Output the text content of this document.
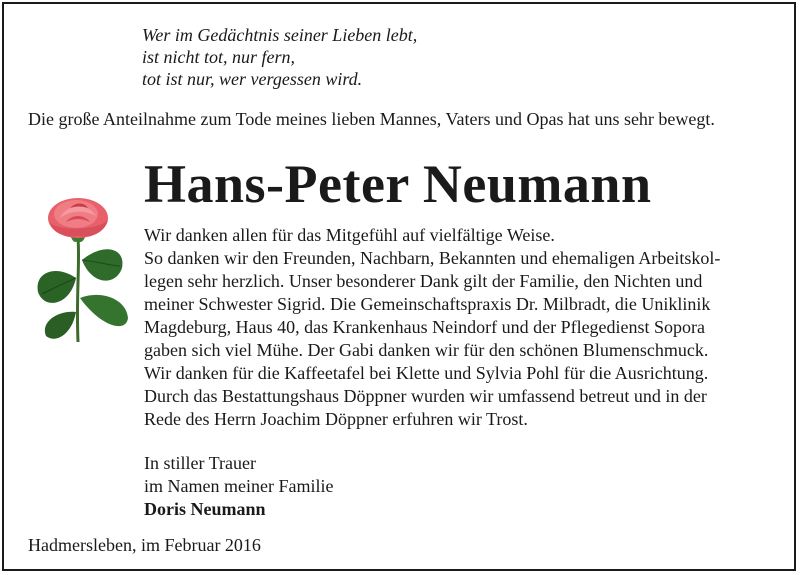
Wer im Gedächtnis seiner Lieben lebt,
ist nicht tot, nur fern,
tot ist nur, wer vergessen wird.
Die große Anteilnahme zum Tode meines lieben Mannes, Vaters und Opas hat uns sehr bewegt.
Hans-Peter Neumann
Wir danken allen für das Mitgefühl auf vielfältige Weise.
So danken wir den Freunden, Nachbarn, Bekannten und ehemaligen Arbeitskol-
legen sehr herzlich. Unser besonderer Dank gilt der Familie, den Nichten und
meiner Schwester Sigrid. Die Gemeinschaftspraxis Dr. Milbradt, die Uniklinik
Magdeburg, Haus 40, das Krankenhaus Neindorf und der Pflegedienst Sopora
gaben sich viel Mühe. Der Gabi danken wir für den schönen Blumenschmuck.
Wir danken für die Kaffeetafel bei Klette und Sylvia Pohl für die Ausrichtung.
Durch das Bestattungshaus Döppner wurden wir umfassend betreut und in der
Rede des Herrn Joachim Döppner erfuhren wir Trost.
In stiller Trauer
im Namen meiner Familie
Doris Neumann
Hadmersleben, im Februar 2016
